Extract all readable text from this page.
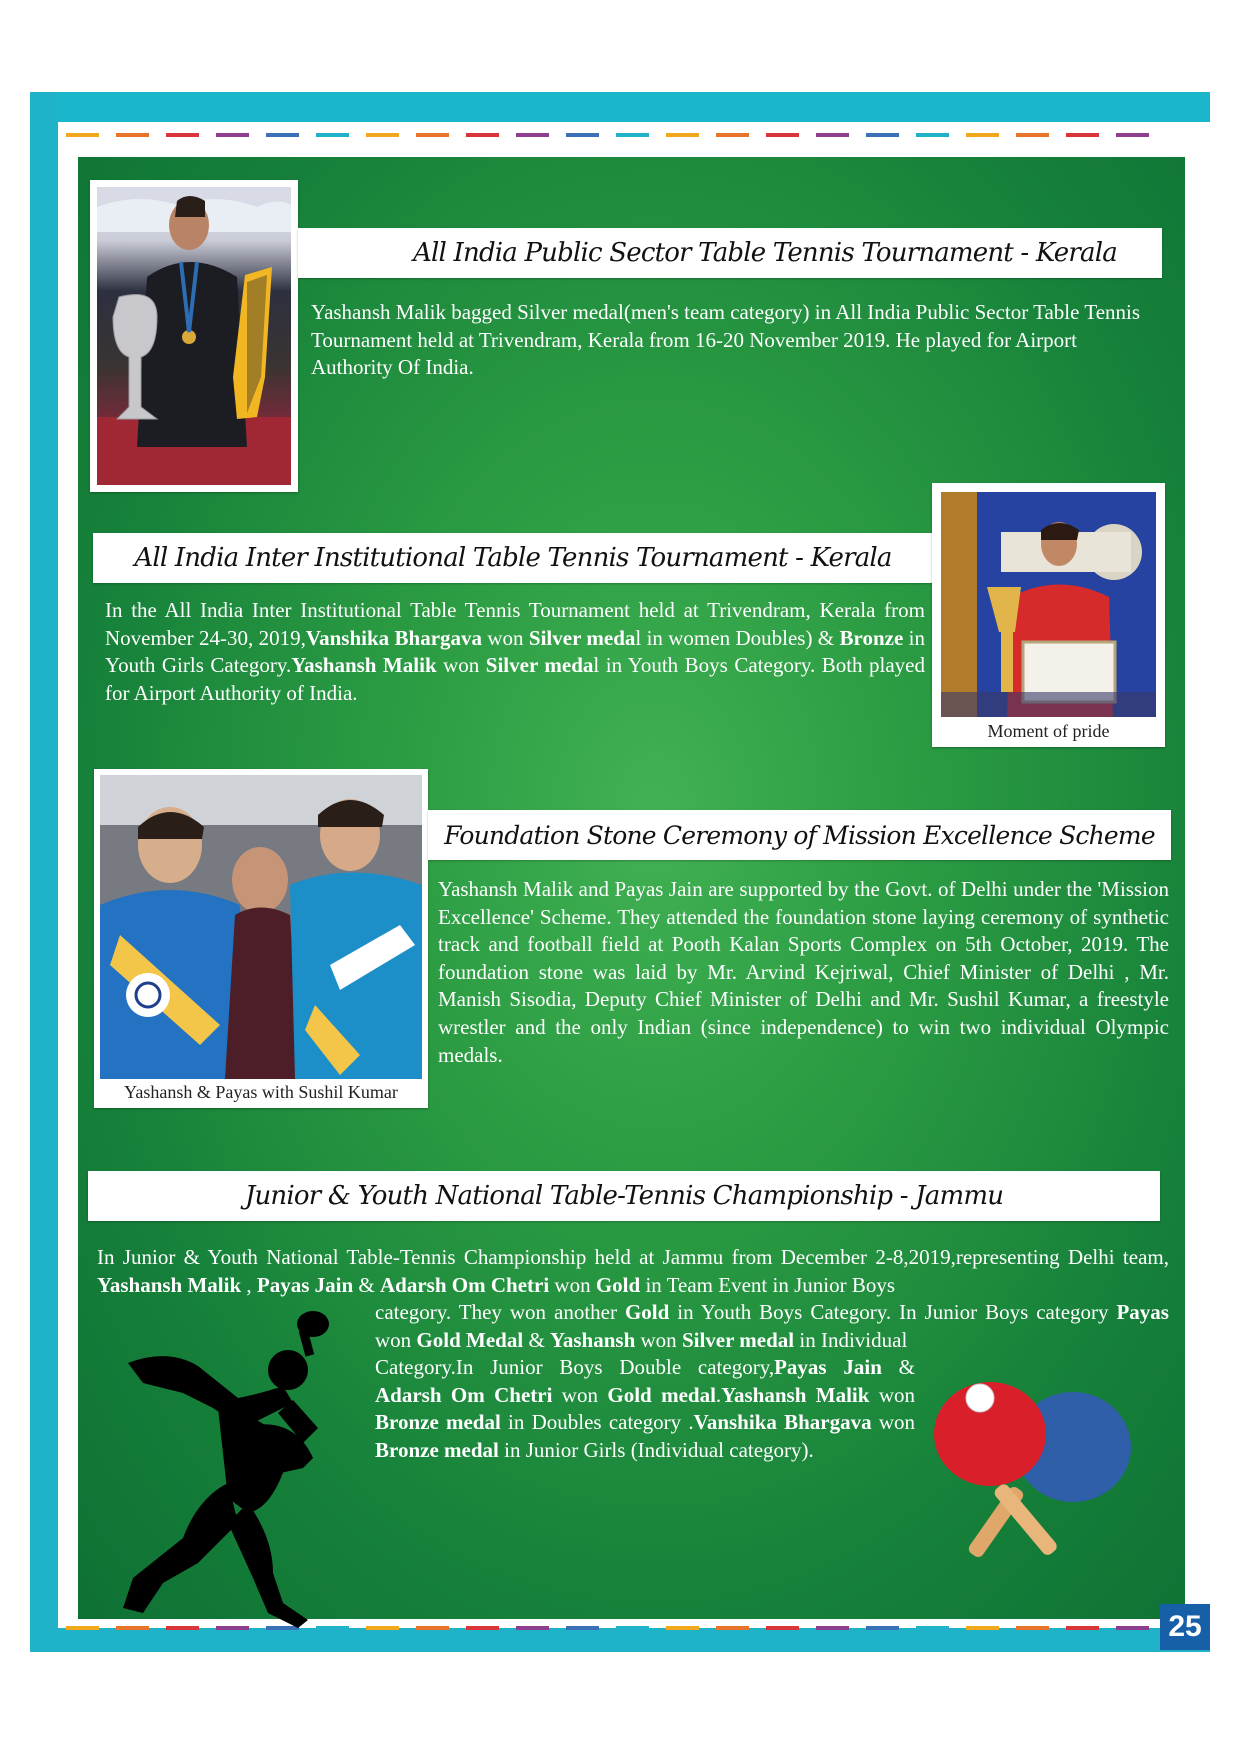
All India Public Sector Table Tennis Tournament - Kerala
Yashansh Malik bagged Silver medal(men's team category) in All India Public Sector Table Tennis Tournament held at Trivendram, Kerala from 16-20 November 2019. He played for Airport Authority Of India.
All India Inter Institutional Table Tennis Tournament - Kerala
In the All India Inter Institutional Table Tennis Tournament held at Trivendram, Kerala from November 24-30, 2019,Vanshika Bhargava won Silver medal in women Doubles) & Bronze in Youth Girls Category.Yashansh Malik won Silver medal in Youth Boys Category. Both played for Airport Authority of India.
Moment of pride
Yashansh & Payas with Sushil Kumar
Foundation Stone Ceremony of Mission Excellence Scheme
Yashansh Malik and Payas Jain are supported by the Govt. of Delhi under the 'Mission Excellence' Scheme. They attended the foundation stone laying ceremony of synthetic track and football field at Pooth Kalan Sports Complex on 5th October, 2019. The foundation stone was laid by Mr. Arvind Kejriwal, Chief Minister of Delhi , Mr. Manish Sisodia, Deputy Chief Minister of Delhi and Mr. Sushil Kumar, a freestyle wrestler and the only Indian (since independence) to win two individual Olympic medals.
Junior & Youth National Table-Tennis Championship - Jammu
In Junior & Youth National Table-Tennis Championship held at Jammu from December 2-8,2019,representing Delhi team, Yashansh Malik , Payas Jain & Adarsh Om Chetri won Gold in Team Event in Junior Boys
category. They won another Gold in Youth Boys Category. In Junior Boys category Payas won Gold Medal & Yashansh won Silver medal in Individual
Category.In Junior Boys Double category,Payas Jain & Adarsh Om Chetri won Gold medal.Yashansh Malik won Bronze medal in Doubles category .Vanshika Bhargava won Bronze medal in Junior Girls (Individual category).
25
